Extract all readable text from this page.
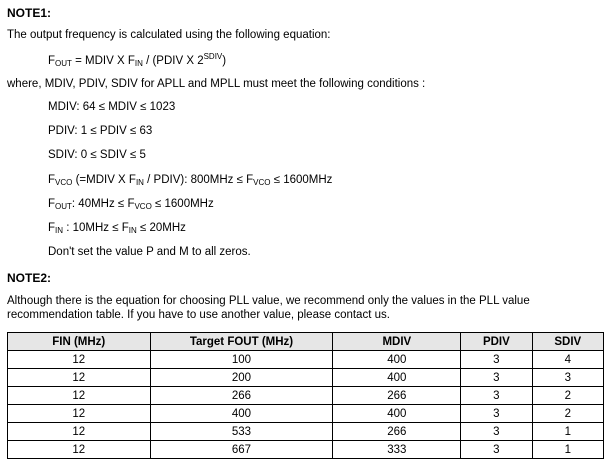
NOTE1:
The output frequency is calculated using the following equation:
$F_{OUT}$ = MDIV X $F_{IN}$ / (PDIV X $2^{SDIV}$)
where, MDIV, PDIV, SDIV for APLL and MPLL must meet the following conditions :
MDIV: 64 ≤ MDIV ≤ 1023
PDIV: 1 ≤ PDIV ≤ 63
SDIV: 0 ≤ SDIV ≤ 5
$F_{VCO}$ (=MDIV X $F_{IN}$ / PDIV): $800MHz \le F_{VCO} \le 1600MHz$
$F_{OUT}$: $40MHz \le F_{VCO} \le 1600MHz$
$F_{IN}$ : $10MHz \le F_{IN} \le 20MHz$
Don't set the value P and M to all zeros.
NOTE2:
Although there is the equation for choosing PLL value, we recommend only the values in the PLL value recommendation table. If you have to use another value, please contact us.
FIN (MHz)	Target FOUT (MHz)	MDIV	PDIV	SDIV
12	100	400	3	4
12	200	400	3	3
12	266	266	3	2
12	400	400	3	2
12	533	266	3	1
12	667	333	3	1
